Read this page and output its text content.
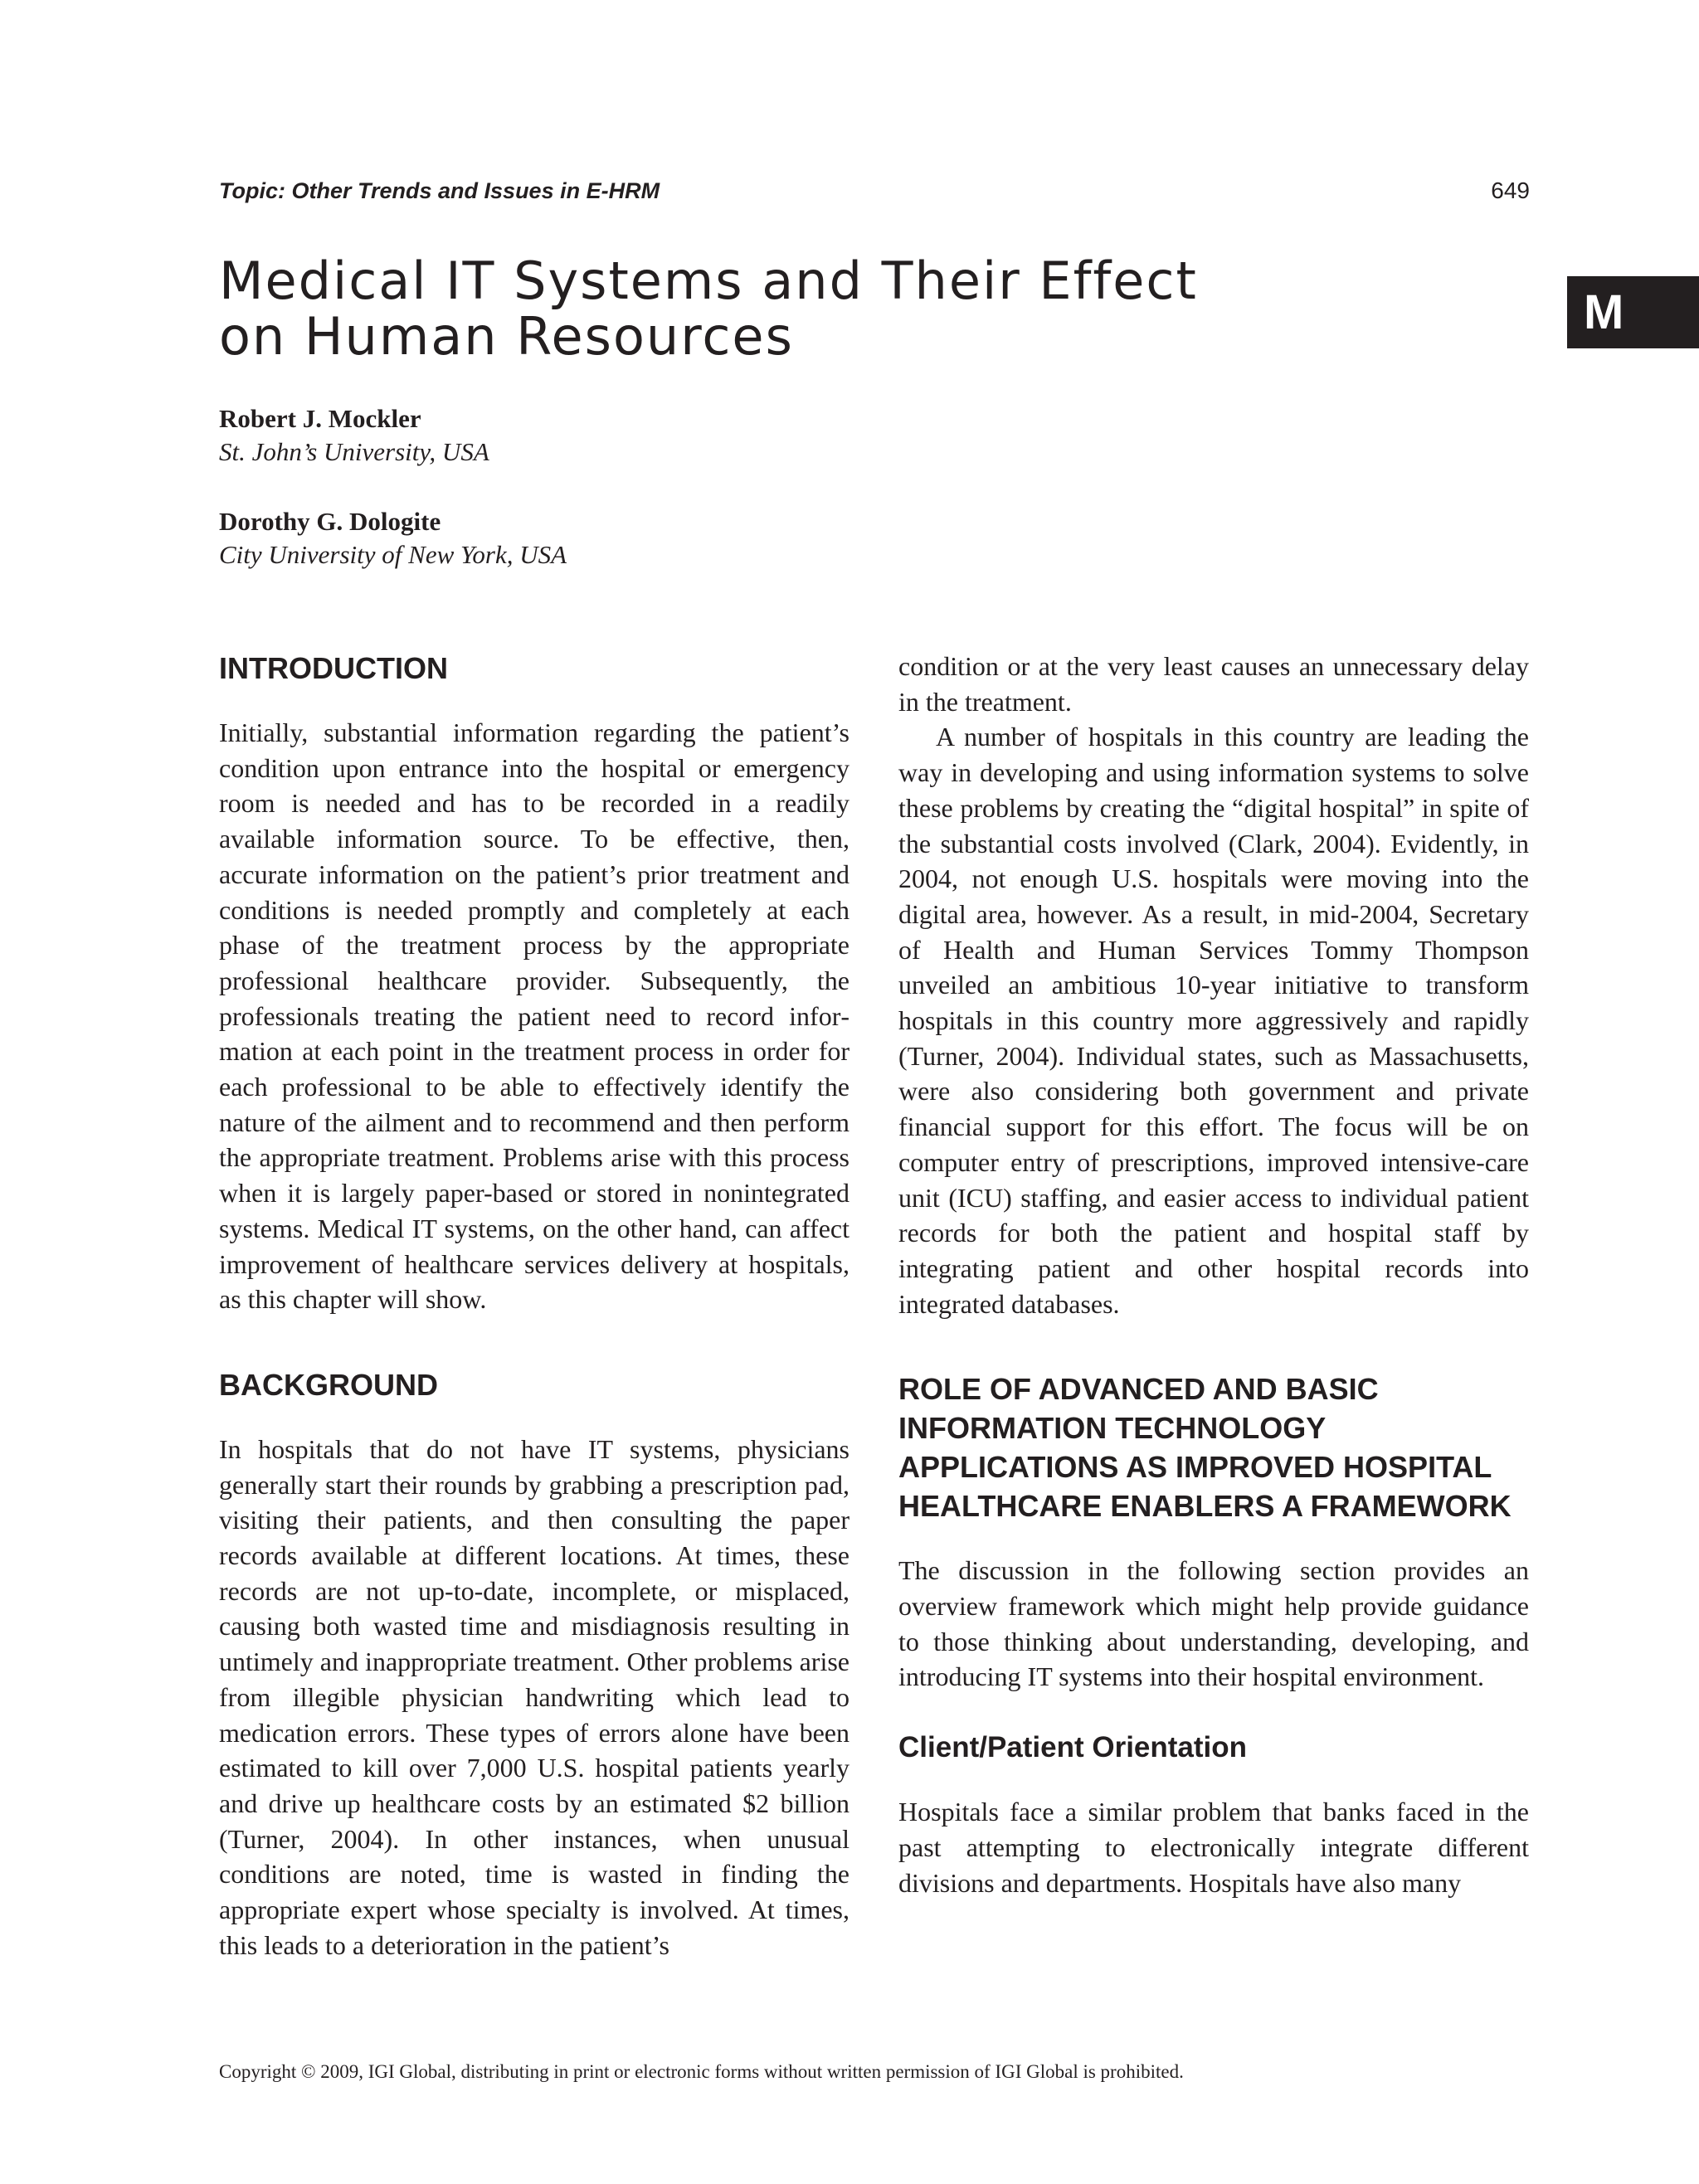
Topic: Other Trends and Issues in E-HRM	649
Medical IT Systems and Their Effect
on Human Resources	M
Robert J. Mockler
St. John’s University, USA
Dorothy G. Dologite
City University of New York, USA
INTRODUCTION

Initially, substantial information regarding the patient’s condition upon entrance into the hospital or emergency room is needed and has to be recorded in a readily available information source. To be effective, then, accurate information on the patient’s prior treatment and conditions is needed promptly and completely at each phase of the treatment process by the appropriate professional healthcare provider. Subsequently, the professionals treating the patient need to record information at each point in the treatment process in order for each professional to be able to effectively identify the nature of the ailment and to recommend and then perform the appropriate treatment. Problems arise with this process when it is largely paper-based or stored in nonintegrated systems. Medical IT systems, on the other hand, can affect improvement of healthcare services delivery at hospitals, as this chapter will show.

BACKGROUND

In hospitals that do not have IT systems, physicians generally start their rounds by grabbing a prescription pad, visiting their patients, and then consulting the paper records available at different locations. At times, these records are not up-to-date, incomplete, or misplaced, causing both wasted time and misdiagnosis resulting in untimely and inappropriate treatment. Other problems arise from illegible physician handwriting which lead to medication errors. These types of errors alone have been estimated to kill over 7,000 U.S. hospital patients yearly and drive up healthcare costs by an estimated $2 billion (Turner, 2004). In other instances, when unusual conditions are noted, time is wasted in finding the appropriate expert whose specialty is involved. At times, this leads to a deterioration in the patient’s

condition or at the very least causes an unnecessary delay in the treatment.

A number of hospitals in this country are leading the way in developing and using information systems to solve these problems by creating the “digital hospital” in spite of the substantial costs involved (Clark, 2004). Evidently, in 2004, not enough U.S. hospitals were moving into the digital area, however. As a result, in mid-2004, Secretary of Health and Human Services Tommy Thompson unveiled an ambitious 10-year initiative to transform hospitals in this country more aggressively and rapidly (Turner, 2004). Individual states, such as Massachusetts, were also considering both government and private financial support for this effort. The focus will be on computer entry of prescriptions, improved intensive-care unit (ICU) staffing, and easier access to individual patient records for both the patient and hospital staff by integrating patient and other hospital records into integrated databases.

ROLE OF ADVANCED AND BASIC INFORMATION TECHNOLOGY APPLICATIONS AS IMPROVED HOSPITAL HEALTHCARE ENABLERS A FRAMEWORK

The discussion in the following section provides an overview framework which might help provide guidance to those thinking about understanding, developing, and introducing IT systems into their hospital environment.

Client/Patient Orientation

Hospitals face a similar problem that banks faced in the past attempting to electronically integrate different divisions and departments. Hospitals have also many

Copyright © 2009, IGI Global, distributing in print or electronic forms without written permission of IGI Global is prohibited.
